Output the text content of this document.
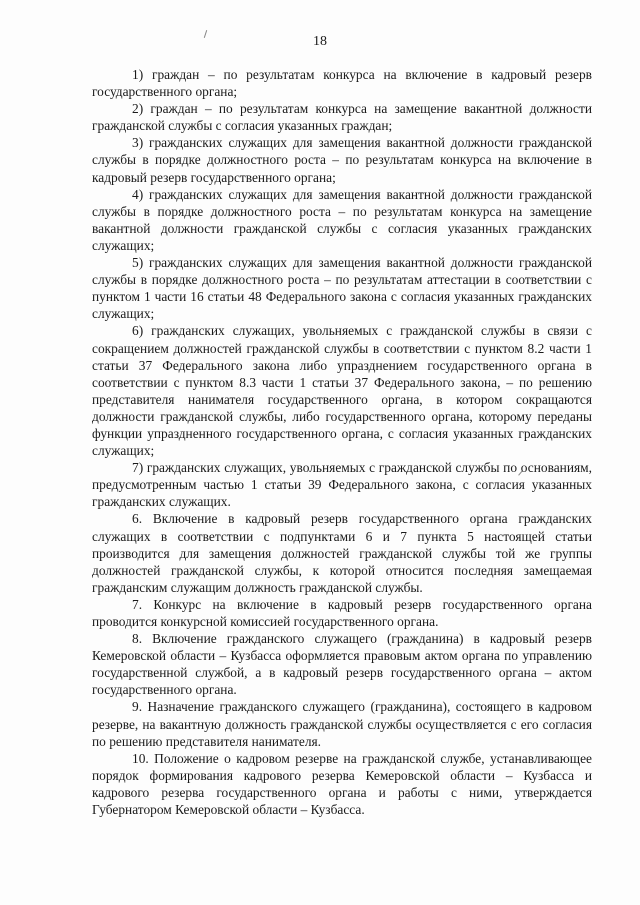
18

1) граждан – по результатам конкурса на включение в кадровый резерв государственного органа;

2) граждан – по результатам конкурса на замещение вакантной должности гражданской службы с согласия указанных граждан;

3) гражданских служащих для замещения вакантной должности гражданской службы в порядке должностного роста – по результатам конкурса на включение в кадровый резерв государственного органа;

4) гражданских служащих для замещения вакантной должности гражданской службы в порядке должностного роста – по результатам конкурса на замещение вакантной должности гражданской службы с согласия указанных гражданских служащих;

5) гражданских служащих для замещения вакантной должности гражданской службы в порядке должностного роста – по результатам аттестации в соответствии с пунктом 1 части 16 статьи 48 Федерального закона с согласия указанных гражданских служащих;

6) гражданских служащих, увольняемых с гражданской службы в связи с сокращением должностей гражданской службы в соответствии с пунктом 8.2 части 1 статьи 37 Федерального закона либо упразднением государственного органа в соответствии с пунктом 8.3 части 1 статьи 37 Федерального закона, – по решению представителя нанимателя государственного органа, в котором сокращаются должности гражданской службы, либо государственного органа, которому переданы функции упраздненного государственного органа, с согласия указанных гражданских служащих;

7) гражданских служащих, увольняемых с гражданской службы по основаниям, предусмотренным частью 1 статьи 39 Федерального закона, с согласия указанных гражданских служащих.

6. Включение в кадровый резерв государственного органа гражданских служащих в соответствии с подпунктами 6 и 7 пункта 5 настоящей статьи производится для замещения должностей гражданской службы той же группы должностей гражданской службы, к которой относится последняя замещаемая гражданским служащим должность гражданской службы.

7. Конкурс на включение в кадровый резерв государственного органа проводится конкурсной комиссией государственного органа.

8. Включение гражданского служащего (гражданина) в кадровый резерв Кемеровской области – Кузбасса оформляется правовым актом органа по управлению государственной службой, а в кадровый резерв государственного органа – актом государственного органа.

9. Назначение гражданского служащего (гражданина), состоящего в кадровом резерве, на вакантную должность гражданской службы осуществляется с его согласия по решению представителя нанимателя.

10. Положение о кадровом резерве на гражданской службе, устанавливающее порядок формирования кадрового резерва Кемеровской области – Кузбасса и кадрового резерва государственного органа и работы с ними, утверждается Губернатором Кемеровской области – Кузбасса.
